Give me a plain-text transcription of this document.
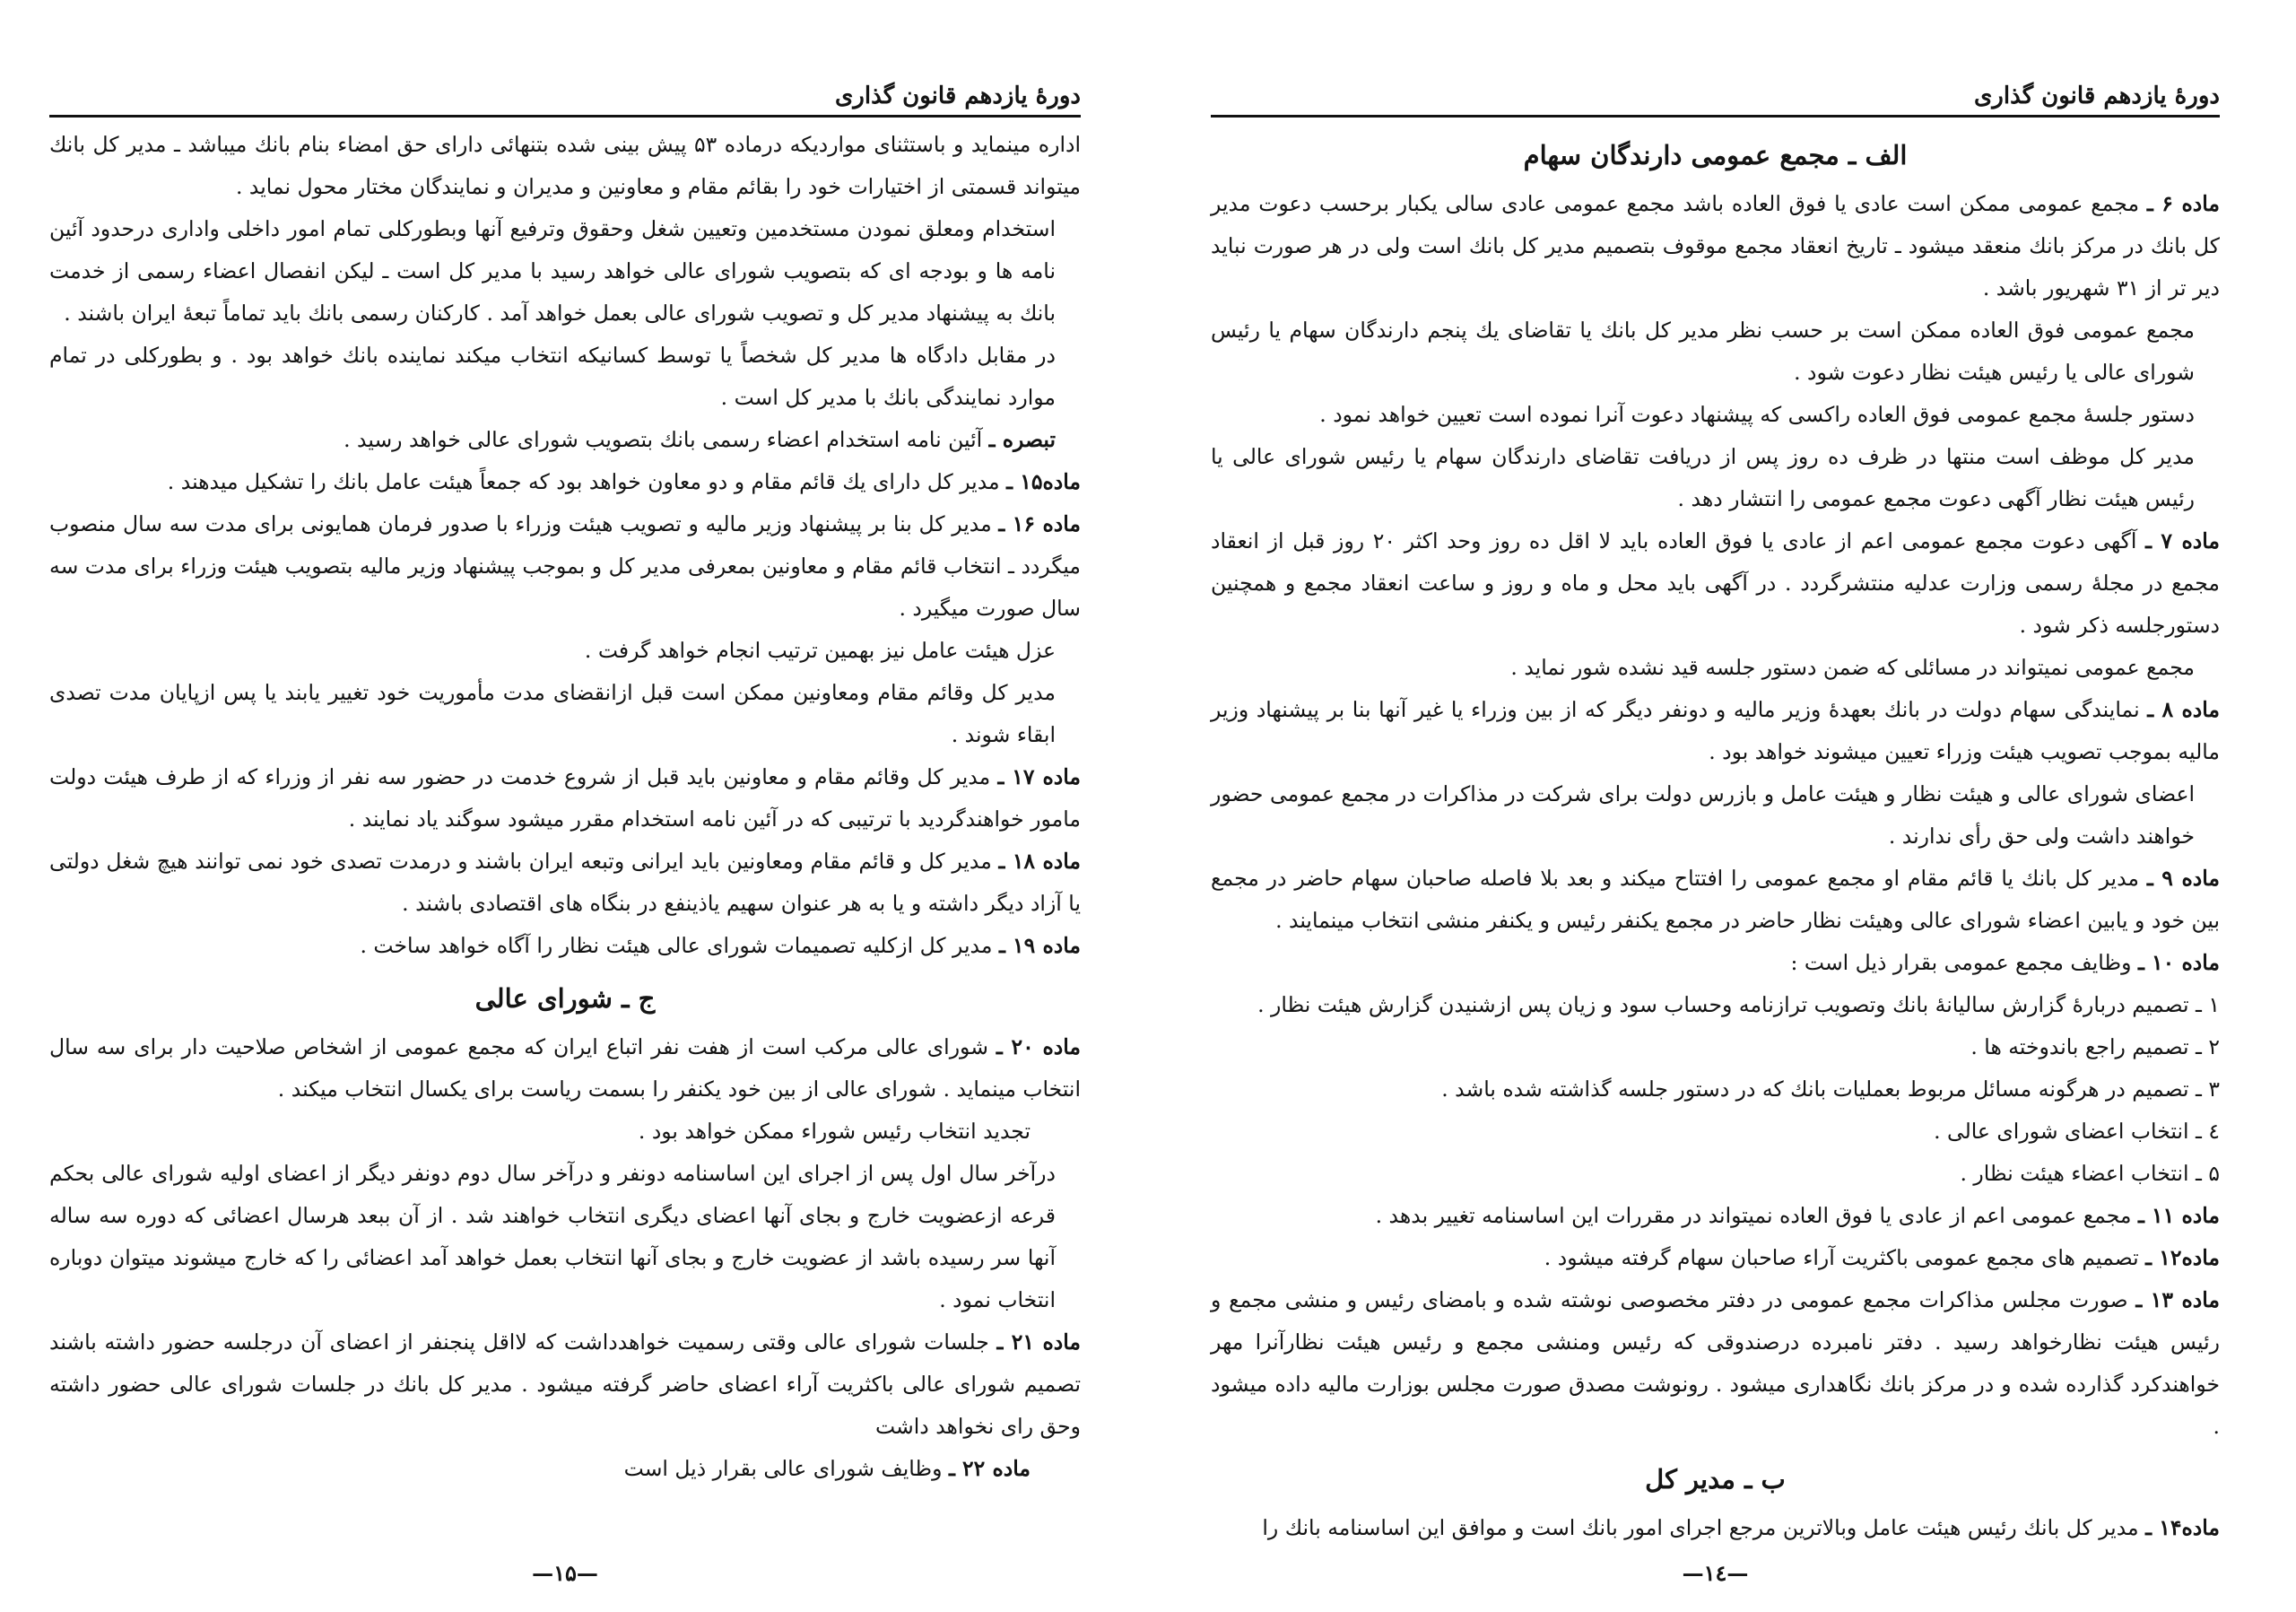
دورهٔ یازدهم قانون گذاری

اداره مینماید و باستثنای مواردیکه درماده ۵۳ پیش بینی شده بتنهائی دارای حق امضاء بنام بانك میباشد ـ مدیر كل بانك میتواند قسمتی از اختیارات خود را بقائم مقام و معاونین و مدیران و نمایندگان مختار محول نماید .

استخدام ومعلق نمودن مستخدمین وتعیین شغل وحقوق وترفیع آنها وبطوركلی تمام امور داخلی واداری درحدود آئین نامه ها و بودجه ای كه بتصویب شورای عالی خواهد رسید با مدیر كل است ـ لیكن انفصال اعضاء رسمی از خدمت بانك به پیشنهاد مدیر كل و تصویب شورای عالی بعمل خواهد آمد . كاركنان رسمی بانك باید تماماً تبعهٔ ایران باشند .

در مقابل دادگاه ها مدیر كل شخصاً یا توسط كسانیكه انتخاب میكند نماینده بانك خواهد بود . و بطوركلی در تمام موارد نمایندگی بانك با مدیر كل است .

تبصره ـ آئین نامه استخدام اعضاء رسمی بانك بتصویب شورای عالی خواهد رسید .

ماده۱۵ ـ مدیر كل دارای یك قائم مقام و دو معاون خواهد بود كه جمعاً هیئت عامل بانك را تشكیل میدهند .

ماده ۱۶ ـ مدیر كل بنا بر پیشنهاد وزیر مالیه و تصویب هیئت وزراء با صدور فرمان همایونی برای مدت سه سال منصوب میگردد ـ انتخاب قائم مقام و معاونین بمعرفی مدیر كل و بموجب پیشنهاد وزیر مالیه بتصویب هیئت وزراء برای مدت سه سال صورت میگیرد .

عزل هیئت عامل نیز بهمین ترتیب انجام خواهد گرفت .

مدیر كل وقائم مقام ومعاونین ممكن است قبل ازانقضای مدت مأموریت خود تغییر یابند یا پس ازپایان مدت تصدی ابقاء شوند .

ماده ۱۷ ـ مدیر كل وقائم مقام و معاونین باید قبل از شروع خدمت در حضور سه نفر از وزراء كه از طرف هیئت دولت مامور خواهندگردید با ترتیبی كه در آئین نامه استخدام مقرر میشود سوگند یاد نمایند .

ماده ۱۸ ـ مدیر كل و قائم مقام ومعاونین باید ایرانی وتبعه ایران باشند و درمدت تصدی خود نمی توانند هیچ شغل دولتی یا آزاد دیگر داشته و یا به هر عنوان سهیم یاذینفع در بنگاه های اقتصادی باشند .

ماده ۱۹ ـ مدیر كل ازكلیه تصمیمات شورای عالی هیئت نظار را آگاه خواهد ساخت .

ج ـ شورای عالی

ماده ۲۰ ـ شورای عالی مركب است از هفت نفر اتباع ایران كه مجمع عمومی از اشخاص صلاحیت دار برای سه سال انتخاب مینماید . شورای عالی از بین خود یكنفر را بسمت ریاست برای یكسال انتخاب میكند .

تجدید انتخاب رئیس شوراء ممكن خواهد بود .

درآخر سال اول پس از اجرای این اساسنامه دونفر و درآخر سال دوم دونفر دیگر از اعضای اولیه شورای عالی بحكم قرعه ازعضویت خارج و بجای آنها اعضای دیگری انتخاب خواهند شد . از آن ببعد هرسال اعضائی كه دوره سه ساله آنها سر رسیده باشد از عضویت خارج و بجای آنها انتخاب بعمل خواهد آمد اعضائی را كه خارج میشوند میتوان دوباره انتخاب نمود .

ماده ۲۱ ـ جلسات شورای عالی وقتی رسمیت خواهدداشت كه لااقل پنجنفر از اعضای آن درجلسه حضور داشته باشند تصمیم شورای عالی باكثریت آراء اعضای حاضر گرفته میشود . مدیر كل بانك در جلسات شورای عالی حضور داشته وحق رای نخواهد داشت

ماده ۲۲ ـ وظایف شورای عالی بقرار ذیل است

—۱۵—
دورهٔ یازدهم قانون گذاری
الف ـ مجمع عمومی دارندگان سهام

ماده ۶ ـ مجمع عمومی ممكن است عادی یا فوق العاده باشد مجمع عمومی عادی سالی یكبار برحسب دعوت مدیر كل بانك در مركز بانك منعقد میشود ـ تاریخ انعقاد مجمع موقوف بتصمیم مدیر كل بانك است ولی در هر صورت نباید دیر تر از ۳۱ شهریور باشد .

مجمع عمومی فوق العاده ممكن است بر حسب نظر مدیر كل بانك یا تقاضای یك پنجم دارندگان سهام یا رئیس شورای عالی یا رئیس هیئت نظار دعوت شود .

دستور جلسهٔ مجمع عمومی فوق العاده راكسی كه پیشنهاد دعوت آنرا نموده است تعیین خواهد نمود .

مدیر كل موظف است منتها در ظرف ده روز پس از دریافت تقاضای دارندگان سهام یا رئیس شورای عالی یا رئیس هیئت نظار آگهی دعوت مجمع عمومی را انتشار دهد .

ماده ۷ ـ آگهی دعوت مجمع عمومی اعم از عادی یا فوق العاده باید لا اقل ده روز وحد اكثر ۲۰ روز قبل از انعقاد مجمع در مجلهٔ رسمی وزارت عدلیه منتشرگردد . در آگهی باید محل و ماه و روز و ساعت انعقاد مجمع و همچنین دستورجلسه ذكر شود .

مجمع عمومی نمیتواند در مسائلی كه ضمن دستور جلسه قید نشده شور نماید .

ماده ۸ ـ نمایندگی سهام دولت در بانك بعهدهٔ وزیر مالیه و دونفر دیگر كه از بین وزراء یا غیر آنها بنا بر پیشنهاد وزیر مالیه بموجب تصویب هیئت وزراء تعیین میشوند خواهد بود .

اعضای شورای عالی و هیئت نظار و هیئت عامل و بازرس دولت برای شركت در مذاكرات در مجمع عمومی حضور خواهند داشت ولی حق رأی ندارند .

ماده ۹ ـ مدیر كل بانك یا قائم مقام او مجمع عمومی را افتتاح میكند و بعد بلا فاصله صاحبان سهام حاضر در مجمع بین خود و یابین اعضاء شورای عالی وهیئت نظار حاضر در مجمع یكنفر رئیس و یكنفر منشی انتخاب مینمایند .

ماده ۱۰ ـ وظایف مجمع عمومی بقرار ذیل است :

۱ ـ تصمیم دربارهٔ گزارش سالیانهٔ بانك وتصویب ترازنامه وحساب سود و زیان پس ازشنیدن گزارش هیئت نظار .

۲ ـ تصمیم راجع باندوخته ها .

۳ ـ تصمیم در هرگونه مسائل مربوط بعملیات بانك كه در دستور جلسه گذاشته شده باشد .

٤ ـ انتخاب اعضای شورای عالی .

۵ ـ انتخاب اعضاء هیئت نظار .

ماده ۱۱ ـ مجمع عمومی اعم از عادی یا فوق العاده نمیتواند در مقررات این اساسنامه تغییر بدهد .

ماده۱۲ ـ تصمیم های مجمع عمومی باكثریت آراء صاحبان سهام گرفته میشود .

ماده ۱۳ ـ صورت مجلس مذاكرات مجمع عمومی در دفتر مخصوصی نوشته شده و بامضای رئیس و منشی مجمع و رئیس هیئت نظارخواهد رسید . دفتر نامبرده درصندوقی كه رئیس ومنشی مجمع و رئیس هیئت نظارآنرا مهر خواهندكرد گذارده شده و در مركز بانك نگاهداری میشود . رونوشت مصدق صورت مجلس بوزارت مالیه داده میشود .

ب ـ مدیر كل

ماده۱۴ ـ مدیر كل بانك رئیس هیئت عامل وبالاترین مرجع اجرای امور بانك است و موافق این اساسنامه بانك را

—۱٤—
